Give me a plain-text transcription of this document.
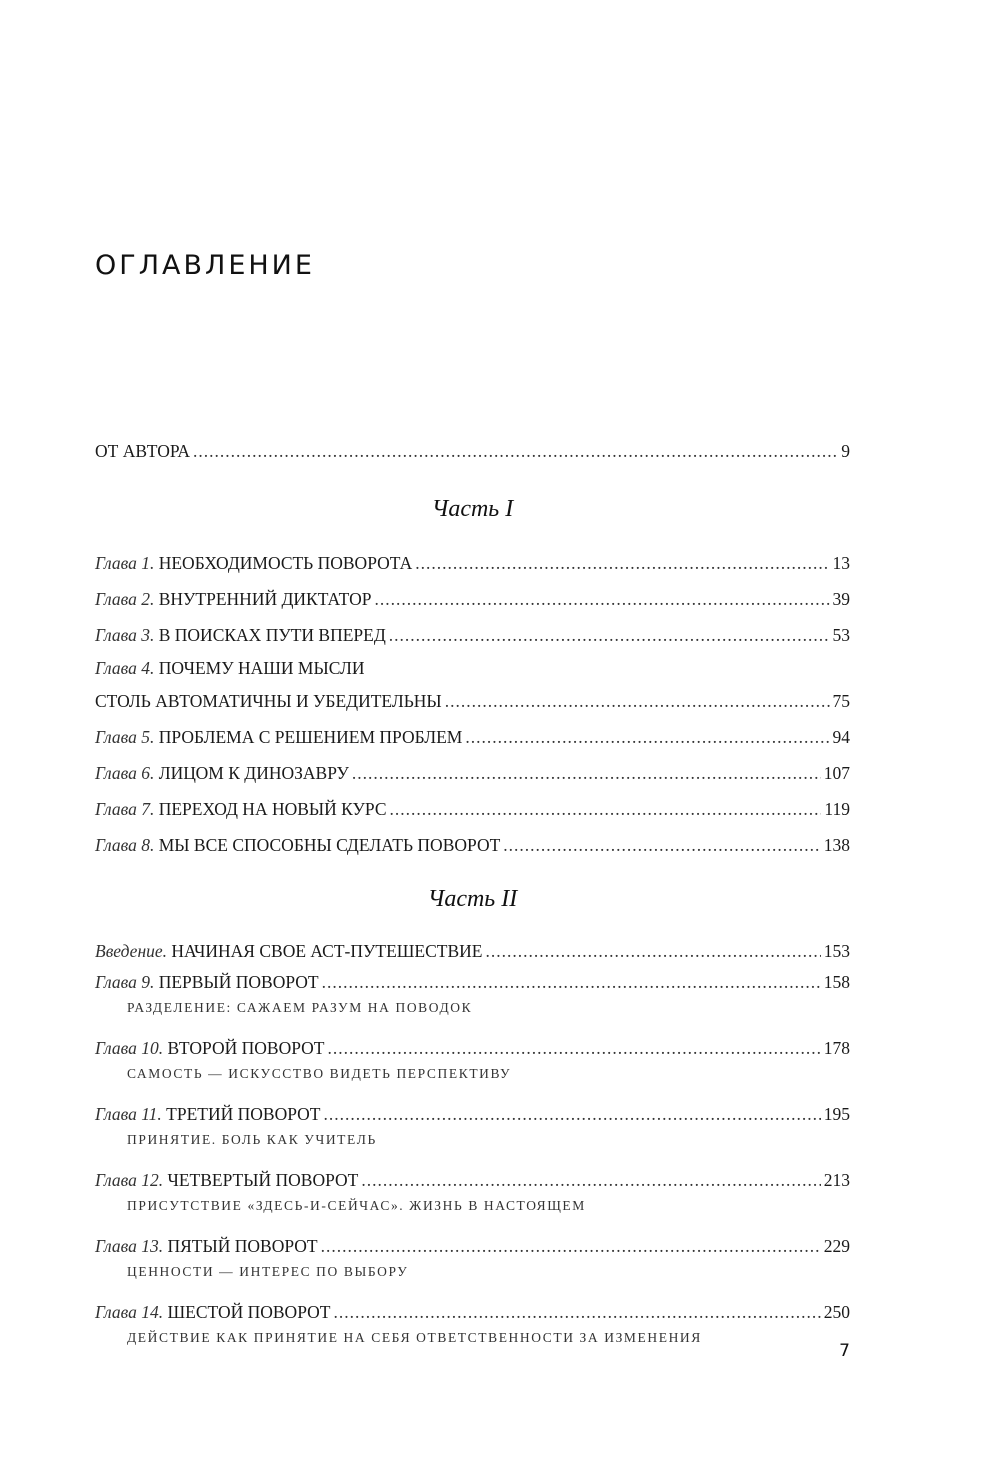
ОГЛАВЛЕНИЕ
ОТ АВТОРА .....	9
Часть I
Глава 1. НЕОБХОДИМОСТЬ ПОВОРОТА .....	13
Глава 2. ВНУТРЕННИЙ ДИКТАТОР .....	39
Глава 3. В ПОИСКАХ ПУТИ ВПЕРЕД .....	53
Глава 4. ПОЧЕМУ НАШИ МЫСЛИ
СТОЛЬ АВТОМАТИЧНЫ И УБЕДИТЕЛЬНЫ .....	75
Глава 5. ПРОБЛЕМА С РЕШЕНИЕМ ПРОБЛЕМ .....	94
Глава 6. ЛИЦОМ К ДИНОЗАВРУ .....	107
Глава 7. ПЕРЕХОД НА НОВЫЙ КУРС .....	119
Глава 8. МЫ ВСЕ СПОСОБНЫ СДЕЛАТЬ ПОВОРОТ .....	138
Часть II
Введение. НАЧИНАЯ СВОЕ АСТ-ПУТЕШЕСТВИЕ .....	153
Глава 9. ПЕРВЫЙ ПОВОРОТ .....	158
РАЗДЕЛЕНИЕ: САЖАЕМ РАЗУМ НА ПОВОДОК
Глава 10. ВТОРОЙ ПОВОРОТ .....	178
САМОСТЬ — ИСКУССТВО ВИДЕТЬ ПЕРСПЕКТИВУ
Глава 11. ТРЕТИЙ ПОВОРОТ .....	195
ПРИНЯТИЕ. БОЛЬ КАК УЧИТЕЛЬ
Глава 12. ЧЕТВЕРТЫЙ ПОВОРОТ .....	213
ПРИСУТСТВИЕ «ЗДЕСЬ-И-СЕЙЧАС». ЖИЗНЬ В НАСТОЯЩЕМ
Глава 13. ПЯТЫЙ ПОВОРОТ .....	229
ЦЕННОСТИ — ИНТЕРЕС ПО ВЫБОРУ
Глава 14. ШЕСТОЙ ПОВОРОТ .....	250
ДЕЙСТВИЕ КАК ПРИНЯТИЕ НА СЕБЯ ОТВЕТСТВЕННОСТИ ЗА ИЗМЕНЕНИЯ
7
